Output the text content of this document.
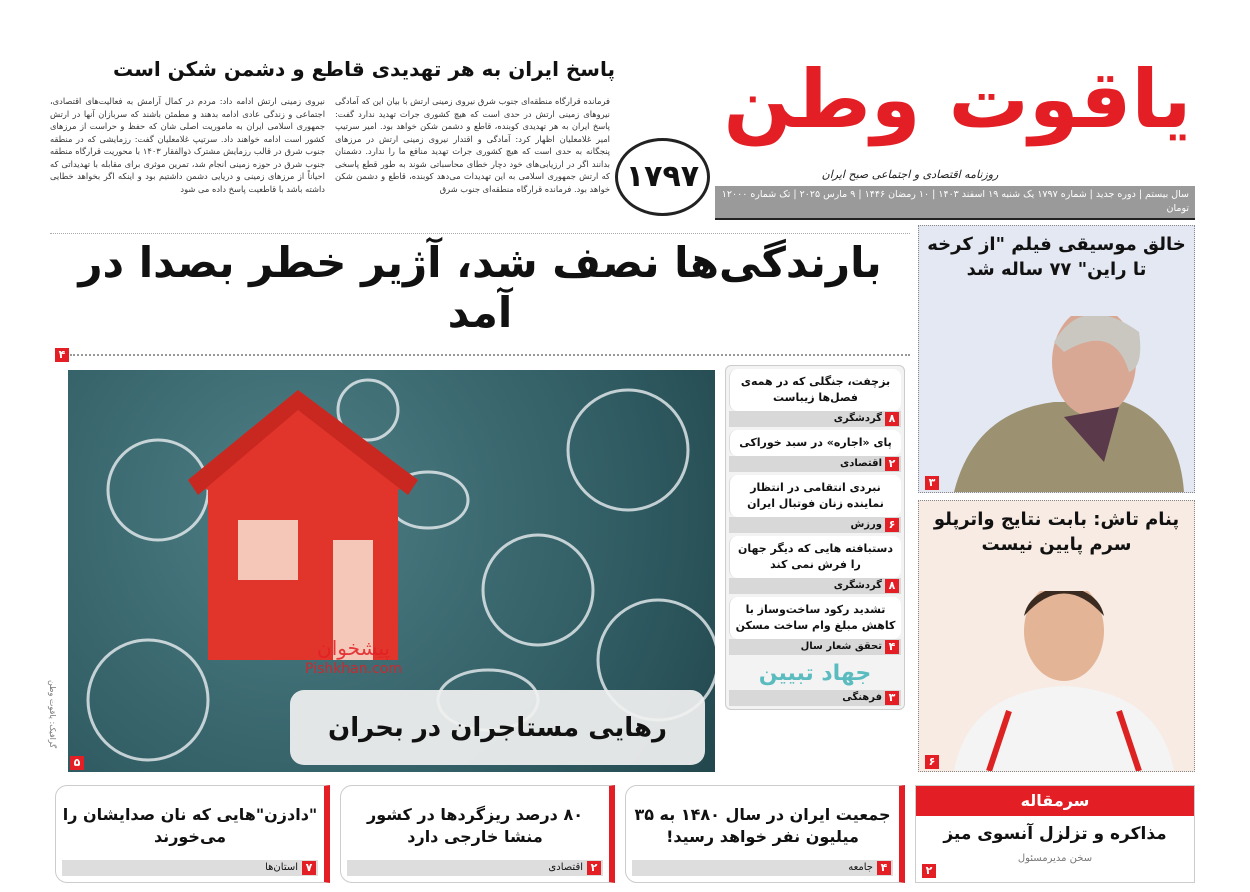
یاقوت وطن
روزنامه اقتصادی و اجتماعی صبح ایران
سال بیستم | دوره جدید | شماره ۱۷۹۷ یک شنبه ۱۹ اسفند ۱۴۰۳ | ۱۰ رمضان ۱۴۴۶ | ۹ مارس ۲۰۲۵ | تک شماره ۱۲۰۰۰ تومان
۱۷۹۷
پاسخ ایران به هر تهدیدی قاطع و دشمن شکن است
فرمانده قرارگاه منطقه‌ای جنوب شرق نیروی زمینی ارتش با بیان این که آمادگی نیروهای زمینی ارتش در حدی است که هیچ کشوری جرات تهدید ندارد گفت: پاسخ ایران به هر تهدیدی کوبنده، قاطع و دشمن شکن خواهد بود. امیر سرتیپ امیر غلامعلیان اظهار کرد: آمادگی و اقتدار نیروی زمینی ارتش در مرزهای پنجگانه به حدی است که هیچ کشوری جرات تهدید منافع ما را ندارد. دشمنان بدانند اگر در ارزیابی‌های خود دچار خطای محاسباتی شوند به طور قطع پاسخی که ارتش جمهوری اسلامی به این تهدیدات می‌دهد کوبنده، قاطع و دشمن شکن خواهد بود. فرمانده قرارگاه منطقه‌ای جنوب شرق
نیروی زمینی ارتش ادامه داد: مردم در کمال آرامش به فعالیت‌های اقتصادی، اجتماعی و زندگی عادی ادامه بدهند و مطمئن باشند که سربازان آنها در ارتش جمهوری اسلامی ایران به ماموریت اصلی شان که حفظ و حراست از مرزهای کشور است ادامه خواهند داد. سرتیپ غلامعلیان گفت: رزمایشی که در منطقه جنوب شرق در قالب رزمایش مشترک ذوالفقار ۱۴۰۳ با محوریت قرارگاه منطقه جنوب شرق در حوزه زمینی انجام شد، تمرین موثری برای مقابله با تهدیداتی که احیاناً از مرزهای زمینی و دریایی دشمن داشتیم بود و اینکه اگر بخواهد خطایی داشته باشد با قاطعیت پاسخ داده می شود
بارندگی‌ها نصف شد، آژیر خطر بصدا در آمد
۴
گرافیک: یاقوت وطن	رهایی مستاجران در بحران
پیشخوان
Pishkhan.com
۵
بزچفت، جنگلی که در همه‌ی فصل‌ها زیباست
۸
گردشگری
پای «اجاره» در سبد خوراکی
۲
اقتصادی
نبردی انتقامی در انتظار نماینده زنان فوتبال ایران
۶
ورزش
دستبافته هایی که دیگر جهان را فرش نمی کند
۸
گردشگری
تشدید رکود ساخت‌وساز با کاهش مبلغ وام ساخت مسکن
۴
تحقق شعار سال
جهاد تبیین
۳
فرهنگی
خالق موسیقی فیلم "از کرخه تا راین" ۷۷ ساله شد
۳
پنام تاش: بابت نتایج واترپلو سرم پایین نیست
۶
سرمقاله
مذاکره و تزلزل آنسوی میز
سخن مدیرمسئول
۲
جمعیت ایران در سال ۱۴۸۰ به ۳۵ میلیون نفر خواهد رسید!
۴
جامعه
۸۰ درصد ریزگردها در کشور منشا خارجی دارد
۲
اقتصادی
"دادزن"هایی که نان صدایشان را می‌خورند
۷
استان‌ها
